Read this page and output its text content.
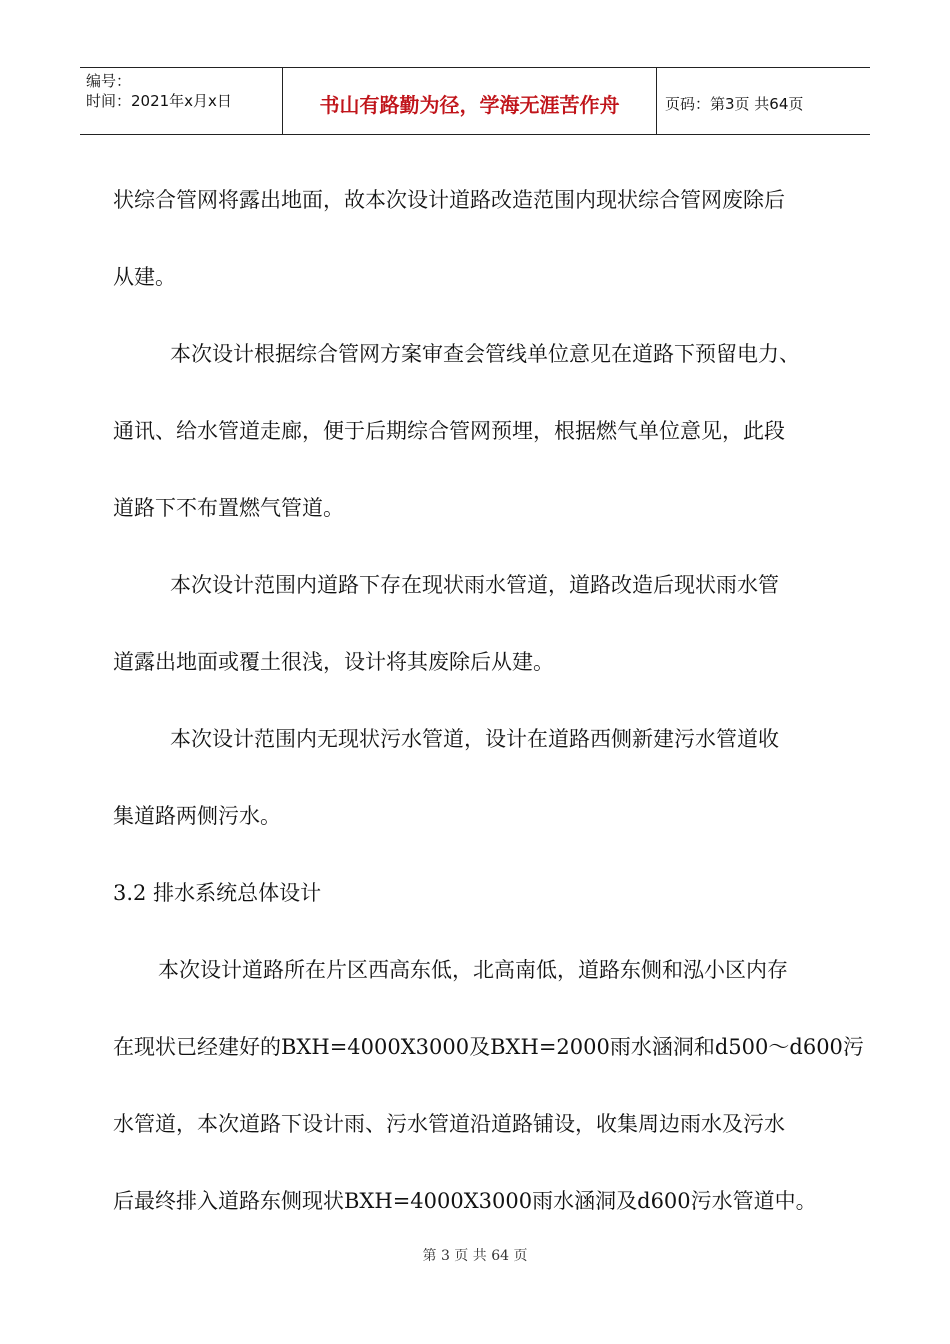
编号：
时间：2021年x月x日	书山有路勤为径，学海无涯苦作舟	页码：第3页 共64页

状综合管网将露出地面，故本次设计道路改造范围内现状综合管网废除后

从建。

本次设计根据综合管网方案审查会管线单位意见在道路下预留电力、

通讯、给水管道走廊，便于后期综合管网预埋，根据燃气单位意见，此段

道路下不布置燃气管道。

本次设计范围内道路下存在现状雨水管道，道路改造后现状雨水管

道露出地面或覆土很浅，设计将其废除后从建。

本次设计范围内无现状污水管道，设计在道路西侧新建污水管道收

集道路两侧污水。

3.2 排水系统总体设计

本次设计道路所在片区西高东低，北高南低，道路东侧和泓小区内存

在现状已经建好的BXH=4000X3000及BXH=2000雨水涵洞和d500～d600污

水管道，本次道路下设计雨、污水管道沿道路铺设，收集周边雨水及污水

后最终排入道路东侧现状BXH=4000X3000雨水涵洞及d600污水管道中。

第 3 页 共 64 页
